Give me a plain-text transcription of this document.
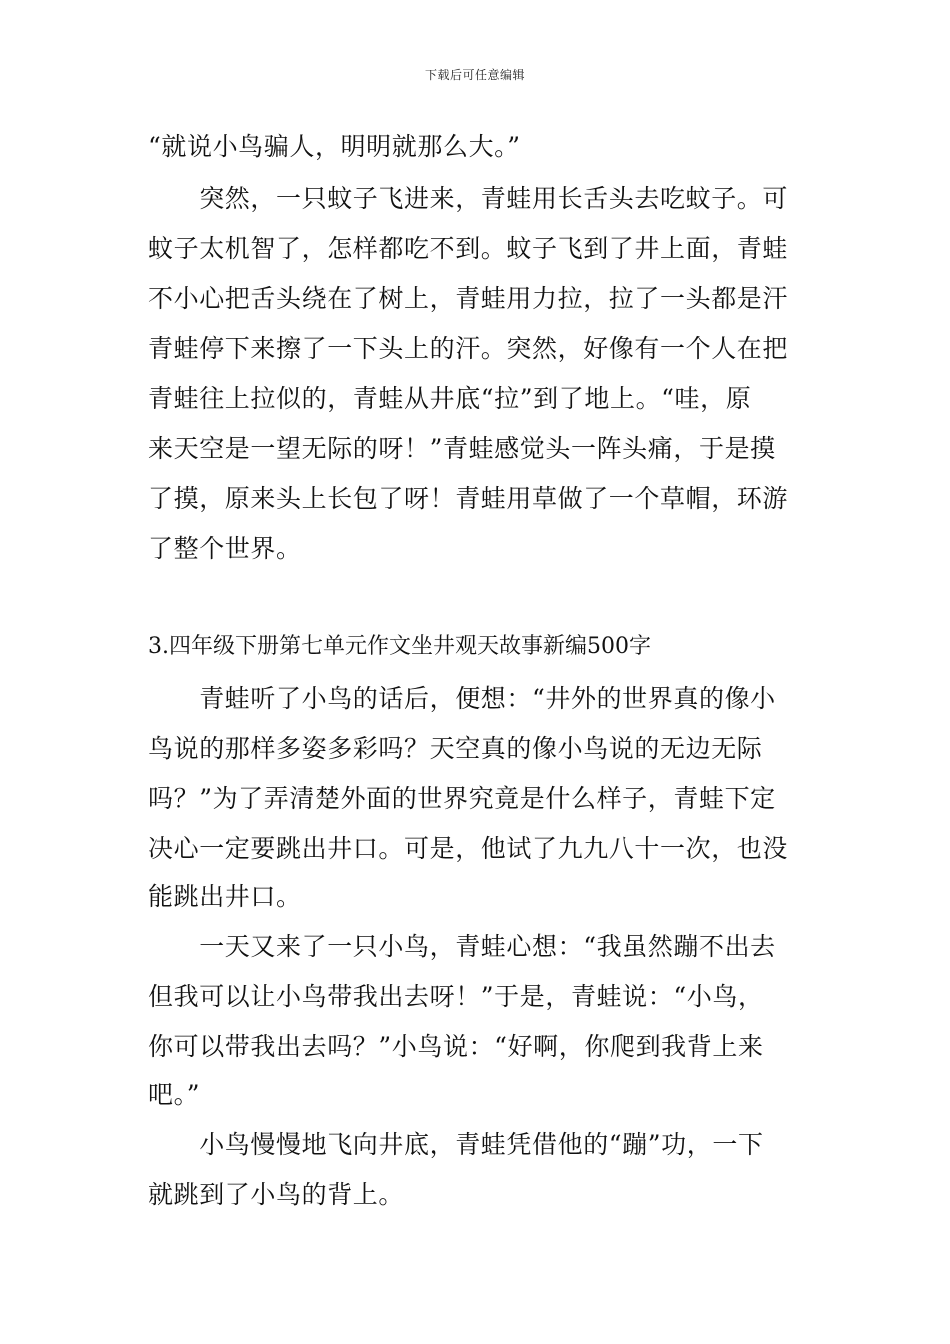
下载后可任意编辑
“就说小鸟骗人，明明就那么大。”
　　突然，一只蚊子飞进来，青蛙用长舌头去吃蚊子。可
蚊子太机智了，怎样都吃不到。蚊子飞到了井上面，青蛙
不小心把舌头绕在了树上，青蛙用力拉，拉了一头都是汗
青蛙停下来擦了一下头上的汗。突然，好像有一个人在把
青蛙往上拉似的，青蛙从井底“拉”到了地上。“哇，原
来天空是一望无际的呀！”青蛙感觉头一阵头痛，于是摸
了摸，原来头上长包了呀！青蛙用草做了一个草帽，环游
了整个世界。
3.四年级下册第七单元作文坐井观天故事新编500字
　　青蛙听了小鸟的话后，便想：“井外的世界真的像小
鸟说的那样多姿多彩吗？天空真的像小鸟说的无边无际
吗？”为了弄清楚外面的世界究竟是什么样子，青蛙下定
决心一定要跳出井口。可是，他试了九九八十一次，也没
能跳出井口。
　　一天又来了一只小鸟，青蛙心想：“我虽然蹦不出去
但我可以让小鸟带我出去呀！”于是，青蛙说：“小鸟，
你可以带我出去吗？”小鸟说：“好啊，你爬到我背上来
吧。”
　　小鸟慢慢地飞向井底，青蛙凭借他的“蹦”功，一下
就跳到了小鸟的背上。
